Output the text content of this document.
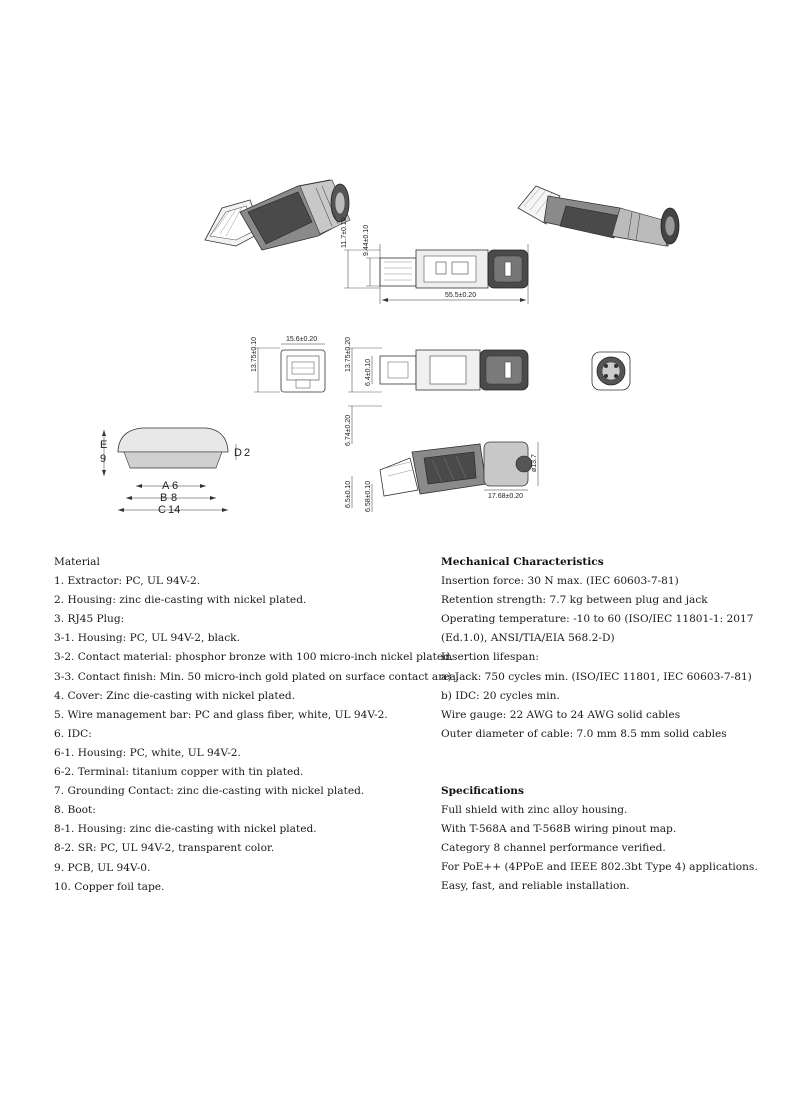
55.5±0.20
11.7±0.10 9.44±0.10
13.75±0.10	15.6±0.20	13.75±0.20
6.4±0.10
6.74±0.20
6.5±0.10 6.58±0.10
ø13.7
17.68±0.20
E
9	D 2
A 6
B 8
C 14
Material
1. Extractor: PC, UL 94V-2.
2. Housing: zinc die-casting with nickel plated.
3. RJ45 Plug:
3-1. Housing: PC, UL 94V-2, black.
3-2. Contact material: phosphor bronze with 100 micro-inch nickel plated.
3-3. Contact finish: Min. 50 micro-inch gold plated on surface contact area.
4. Cover: Zinc die-casting with nickel plated.
5. Wire management bar: PC and glass fiber, white, UL 94V-2.
6. IDC:
6-1. Housing: PC, white, UL 94V-2.
6-2. Terminal: titanium copper with tin plated.
7. Grounding Contact: zinc die-casting with nickel plated.
8. Boot:
8-1. Housing: zinc die-casting with nickel plated.
8-2. SR: PC, UL 94V-2, transparent color.
9. PCB, UL 94V-0.
10. Copper foil tape.
Mechanical Characteristics
Insertion force: 30 N max. (IEC 60603-7-81)
Retention strength: 7.7 kg between plug and jack
Operating temperature: -10 to 60 (ISO/IEC 11801-1: 2017 (Ed.1.0), ANSI/TIA/EIA 568.2-D)
Insertion lifespan:
a) Jack: 750 cycles min. (ISO/IEC 11801, IEC 60603-7-81)
b) IDC: 20 cycles min.
Wire gauge: 22 AWG to 24 AWG solid cables
Outer diameter of cable: 7.0 mm 8.5 mm solid cables
Specifications
Full shield with zinc alloy housing.
With T-568A and T-568B wiring pinout map.
Category 8 channel performance verified.
For PoE++ (4PPoE and IEEE 802.3bt Type 4) applications.
Easy, fast, and reliable installation.
